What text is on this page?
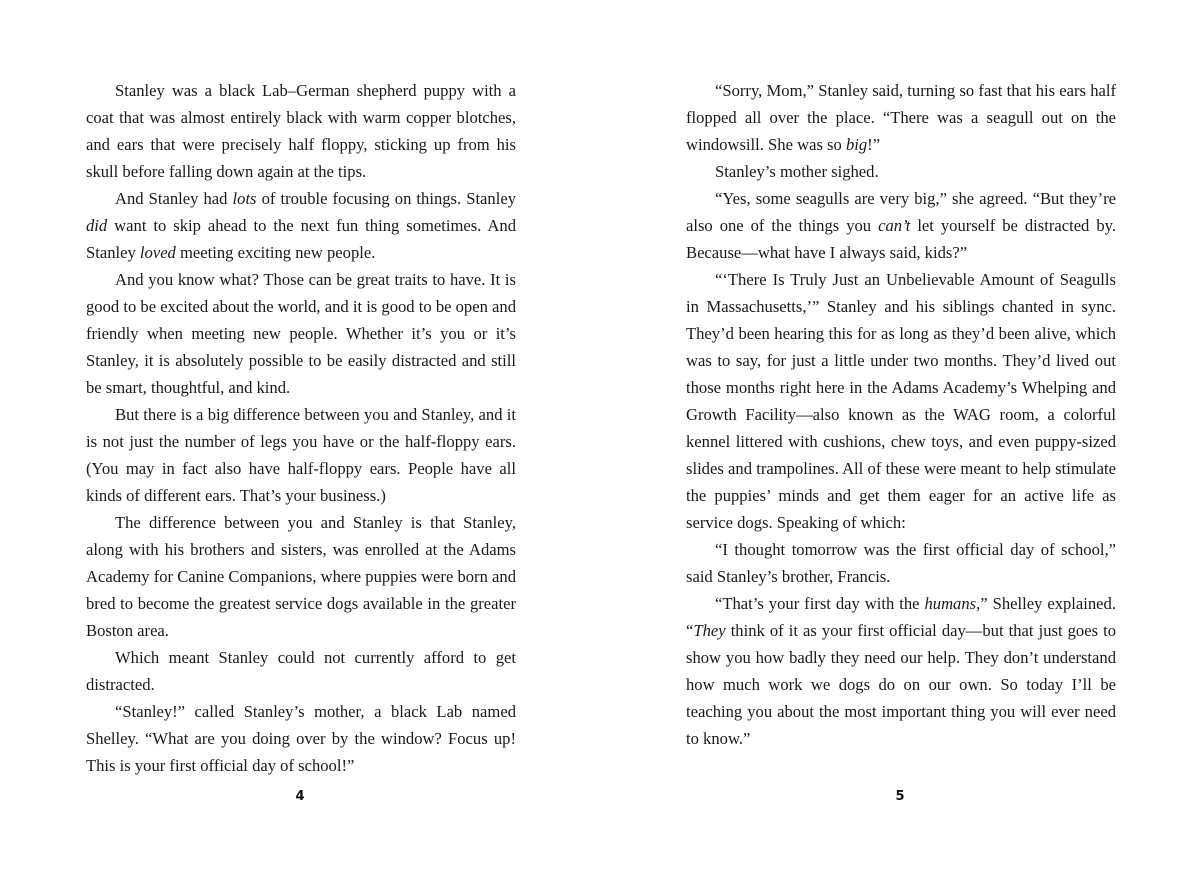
Stanley was a black Lab–German shepherd puppy with a coat that was almost entirely black with warm copper blotches, and ears that were precisely half floppy, sticking up from his skull before falling down again at the tips.

And Stanley had lots of trouble focusing on things. Stanley did want to skip ahead to the next fun thing sometimes. And Stanley loved meeting exciting new people.

And you know what? Those can be great traits to have. It is good to be excited about the world, and it is good to be open and friendly when meeting new people. Whether it’s you or it’s Stanley, it is absolutely possible to be easily distracted and still be smart, thoughtful, and kind.

But there is a big difference between you and Stanley, and it is not just the number of legs you have or the half-floppy ears. (You may in fact also have half-floppy ears. People have all kinds of different ears. That’s your business.)

The difference between you and Stanley is that Stanley, along with his brothers and sisters, was enrolled at the Adams Academy for Canine Companions, where puppies were born and bred to become the greatest service dogs available in the greater Boston area.

Which meant Stanley could not currently afford to get distracted.

“Stanley!” called Stanley’s mother, a black Lab named Shelley. “What are you doing over by the window? Focus up! This is your first official day of school!”

4

“Sorry, Mom,” Stanley said, turning so fast that his ears half flopped all over the place. “There was a seagull out on the windowsill. She was so big!”

Stanley’s mother sighed.

“Yes, some seagulls are very big,” she agreed. “But they’re also one of the things you can’t let yourself be distracted by. Because—what have I always said, kids?”

“‘There Is Truly Just an Unbelievable Amount of Seagulls in Massachusetts,’” Stanley and his siblings chanted in sync. They’d been hearing this for as long as they’d been alive, which was to say, for just a little under two months. They’d lived out those months right here in the Adams Academy’s Whelping and Growth Facility—also known as the WAG room, a colorful kennel littered with cushions, chew toys, and even puppy-sized slides and trampolines. All of these were meant to help stimulate the puppies’ minds and get them eager for an active life as service dogs. Speaking of which:

“I thought tomorrow was the first official day of school,” said Stanley’s brother, Francis.

“That’s your first day with the humans,” Shelley explained. “They think of it as your first official day—but that just goes to show you how badly they need our help. They don’t understand how much work we dogs do on our own. So today I’ll be teaching you about the most important thing you will ever need to know.”

5
